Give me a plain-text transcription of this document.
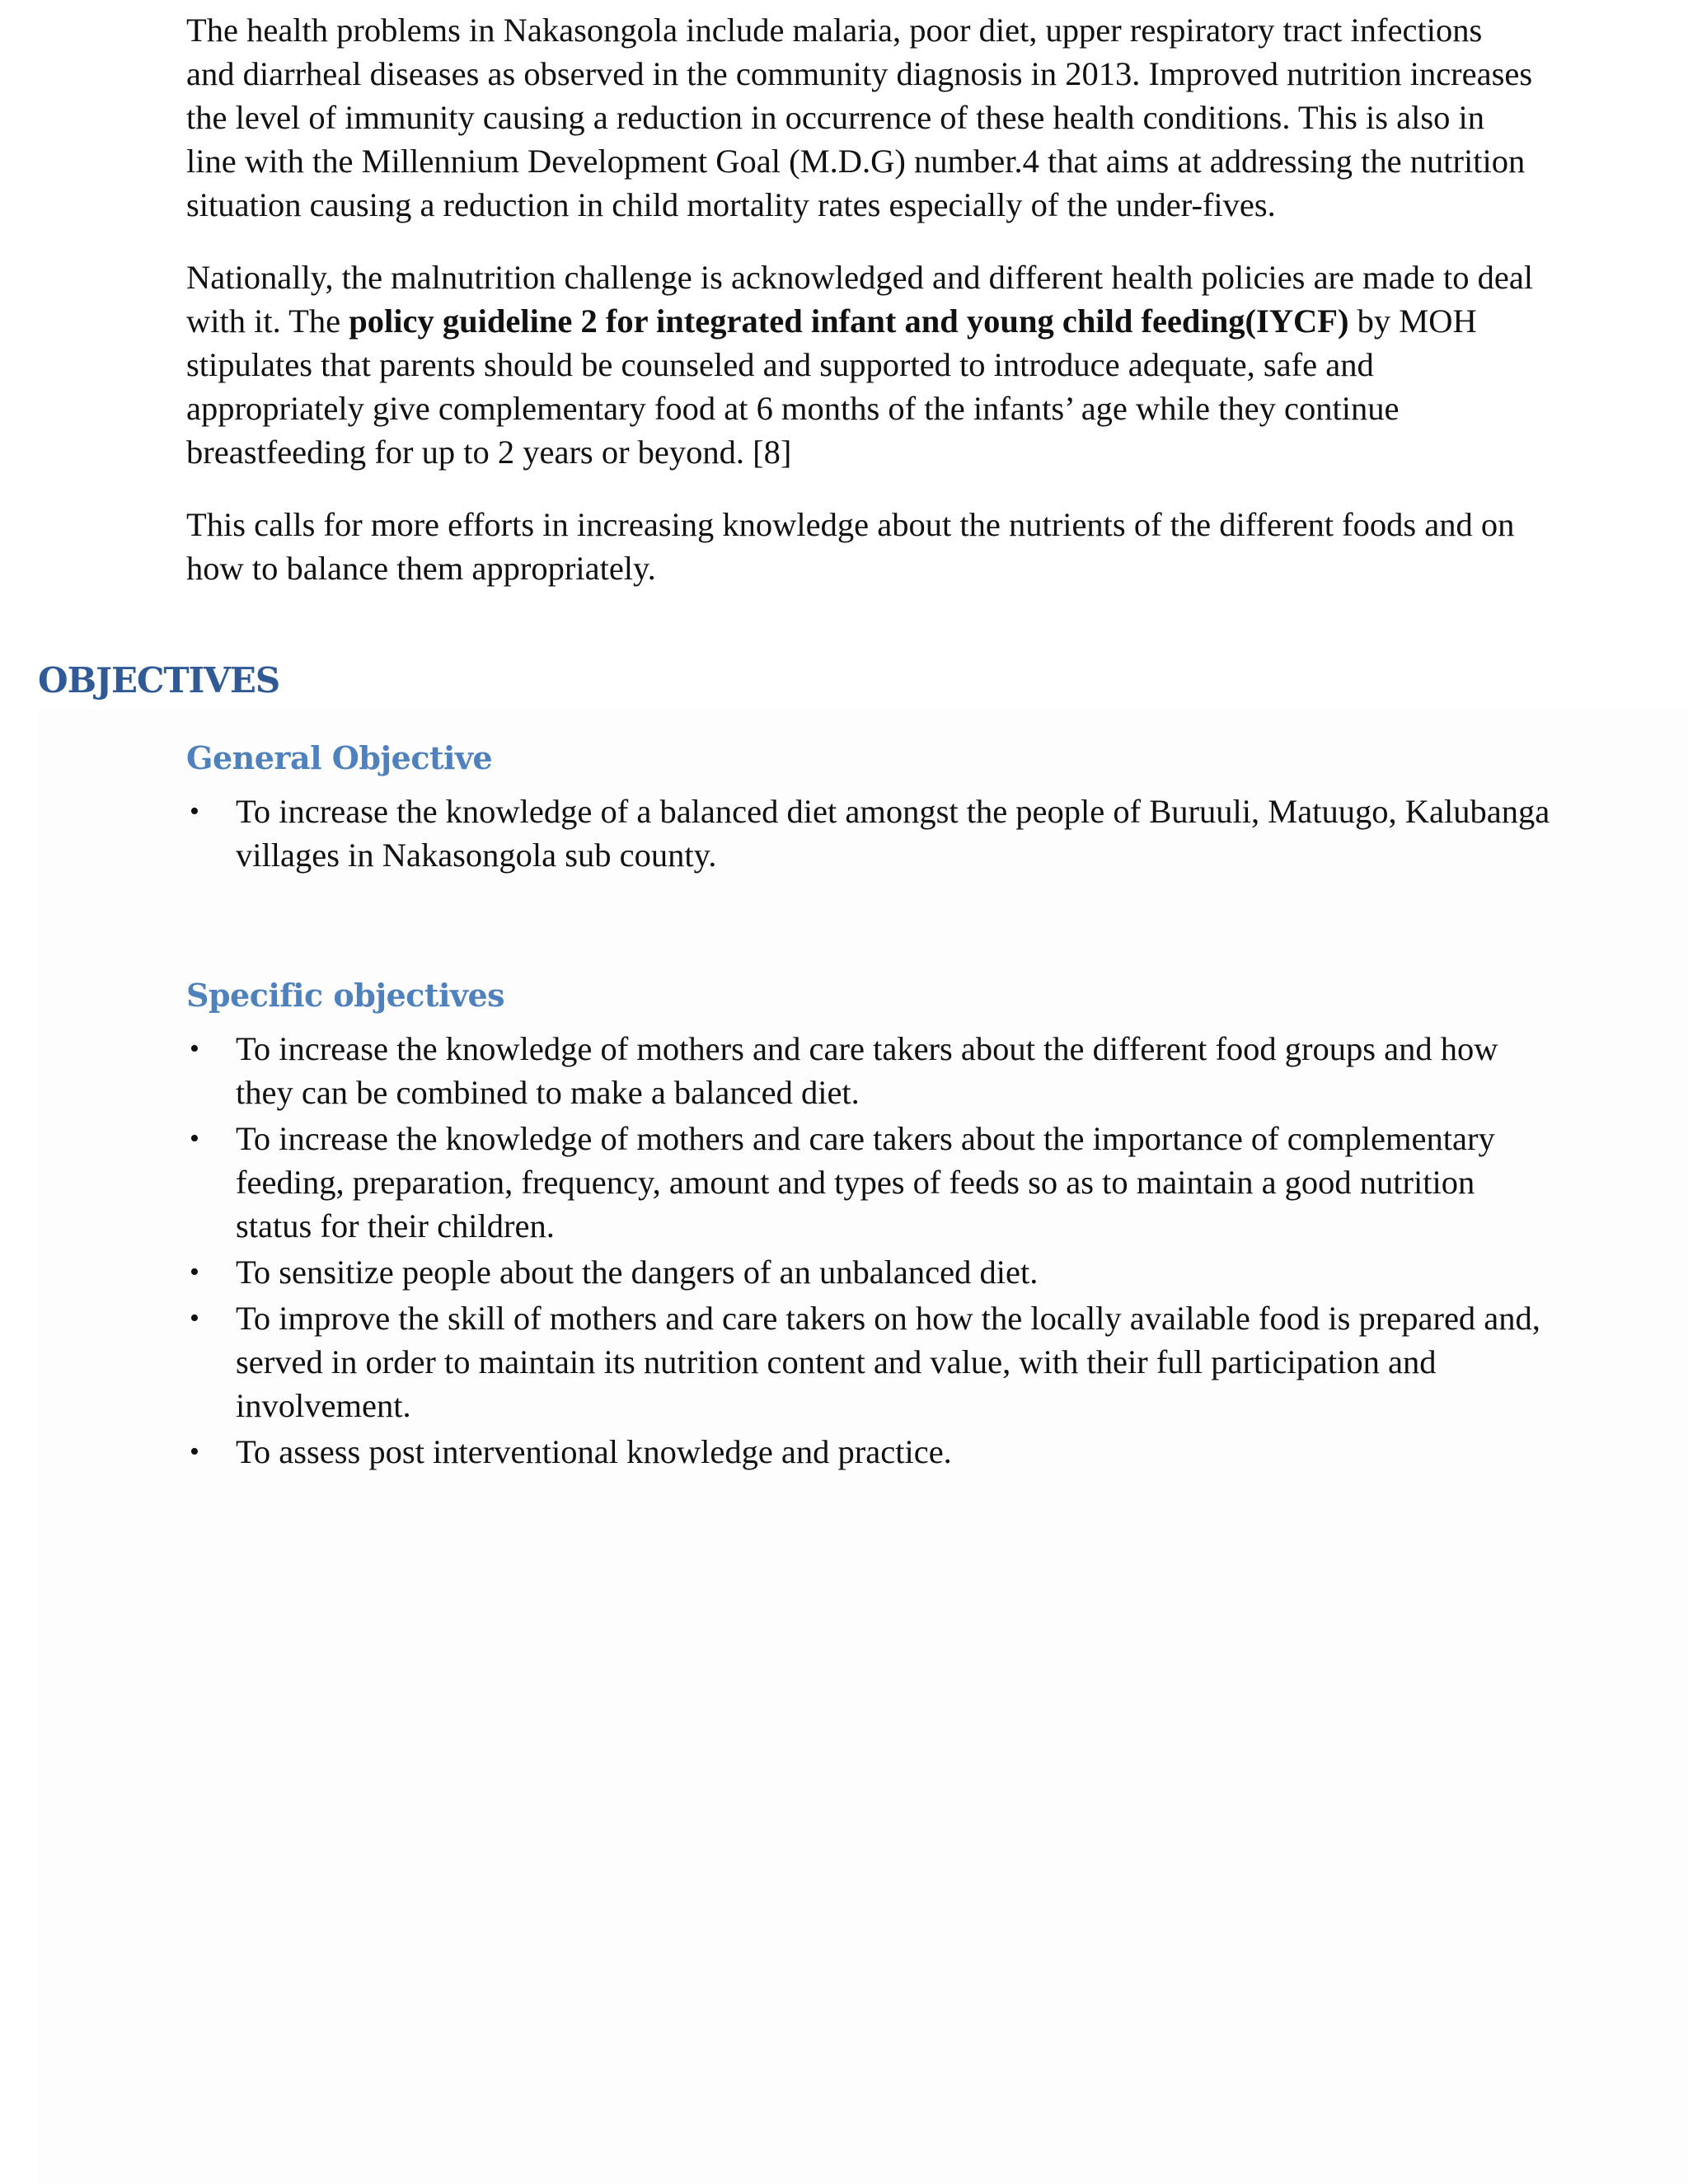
The health problems in Nakasongola include malaria, poor diet, upper respiratory tract infections and diarrheal diseases as observed in the community diagnosis in 2013. Improved nutrition increases the level of immunity causing a reduction in occurrence of these health conditions. This is also in line with the Millennium Development Goal (M.D.G) number.4 that aims at addressing the nutrition situation causing a reduction in child mortality rates especially of the under-fives.

Nationally, the malnutrition challenge is acknowledged and different health policies are made to deal with it. The policy guideline 2 for integrated infant and young child feeding(IYCF) by MOH stipulates that parents should be counseled and supported to introduce adequate, safe and appropriately give complementary food at 6 months of the infants’ age while they continue breastfeeding for up to 2 years or beyond. [8]

This calls for more efforts in increasing knowledge about the nutrients of the different foods and on how to balance them appropriately.

OBJECTIVES
General Objective
• To increase the knowledge of a balanced diet amongst the people of Buruuli, Matuugo, Kalubanga villages in Nakasongola sub county.
Specific objectives
• To increase the knowledge of mothers and care takers about the different food groups and how they can be combined to make a balanced diet.
• To increase the knowledge of mothers and care takers about the importance of complementary feeding, preparation, frequency, amount and types of feeds so as to maintain a good nutrition status for their children.
• To sensitize people about the dangers of an unbalanced diet.
• To improve the skill of mothers and care takers on how the locally available food is prepared and, served in order to maintain its nutrition content and value, with their full participation and involvement.
• To assess post interventional knowledge and practice.
